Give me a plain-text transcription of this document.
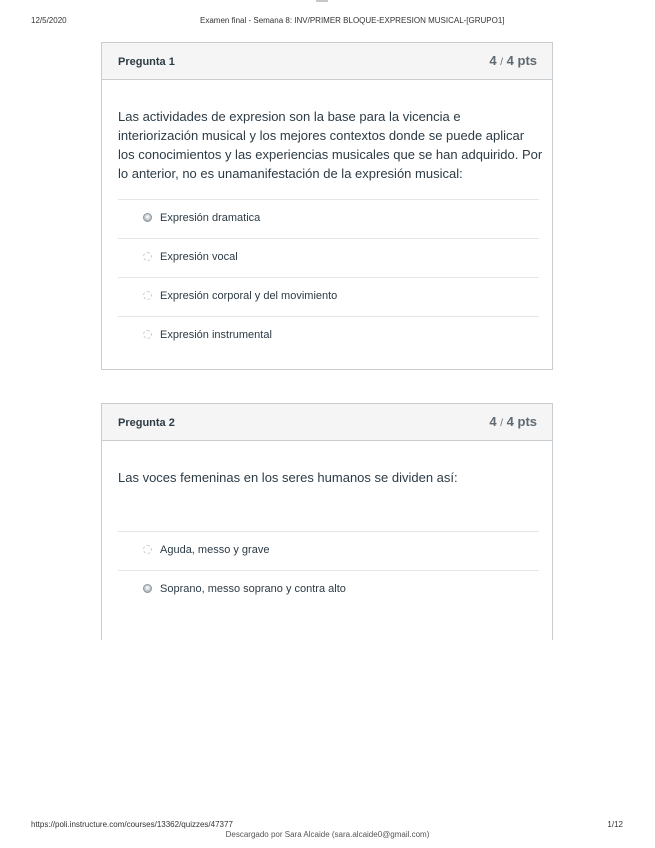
12/5/2020	Examen final - Semana 8: INV/PRIMER BLOQUE-EXPRESION MUSICAL-[GRUPO1]
Pregunta 1	4 / 4 pts
Las actividades de expresion son la base para la vicencia e interiorización musical y los mejores contextos donde se puede aplicar los conocimientos y las experiencias musicales que se han adquirido. Por lo anterior, no es unamanifestación de la expresión musical:
Expresión dramatica
Expresión vocal
Expresión corporal y del movimiento
Expresión instrumental
Pregunta 2	4 / 4 pts
Las voces femeninas en los seres humanos se dividen así:
Aguda, messo y grave
Soprano, messo soprano y contra alto
https://poli.instructure.com/courses/13362/quizzes/47377	1/12
Descargado por Sara Alcaide (sara.alcaide0@gmail.com)
